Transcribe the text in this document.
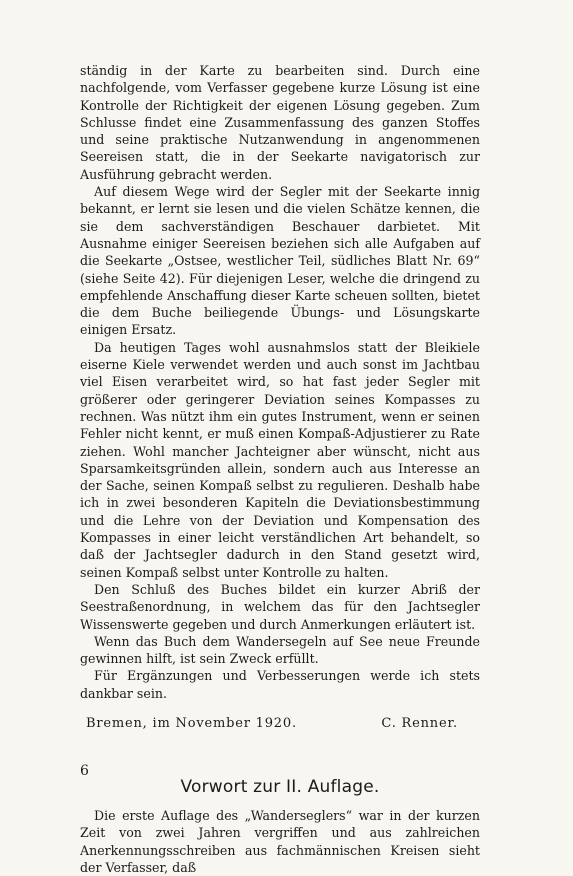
ständig in der Karte zu bearbeiten sind. Durch eine nachfolgende, vom Verfasser gegebene kurze Lösung ist eine Kontrolle der Richtigkeit der eigenen Lösung gegeben. Zum Schlusse findet eine Zusammenfassung des ganzen Stoffes und seine praktische Nutzanwendung in angenommenen Seereisen statt, die in der Seekarte navigatorisch zur Ausführung gebracht werden.

Auf diesem Wege wird der Segler mit der Seekarte innig bekannt, er lernt sie lesen und die vielen Schätze kennen, die sie dem sachverständigen Beschauer darbietet. Mit Ausnahme einiger Seereisen beziehen sich alle Aufgaben auf die Seekarte „Ostsee, westlicher Teil, südliches Blatt Nr. 69“ (siehe Seite 42). Für diejenigen Leser, welche die dringend zu empfehlende Anschaffung dieser Karte scheuen sollten, bietet die dem Buche beiliegende Übungs- und Lösungskarte einigen Ersatz.

Da heutigen Tages wohl ausnahmslos statt der Bleikiele eiserne Kiele verwendet werden und auch sonst im Jachtbau viel Eisen verarbeitet wird, so hat fast jeder Segler mit größerer oder geringerer Deviation seines Kompasses zu rechnen. Was nützt ihm ein gutes Instrument, wenn er seinen Fehler nicht kennt, er muß einen Kompaß-Adjustierer zu Rate ziehen. Wohl mancher Jachteigner aber wünscht, nicht aus Sparsamkeitsgründen allein, sondern auch aus Interesse an der Sache, seinen Kompaß selbst zu regulieren. Deshalb habe ich in zwei besonderen Kapiteln die Deviationsbestimmung und die Lehre von der Deviation und Kompensation des Kompasses in einer leicht verständlichen Art behandelt, so daß der Jachtsegler dadurch in den Stand gesetzt wird, seinen Kompaß selbst unter Kontrolle zu halten.

Den Schluß des Buches bildet ein kurzer Abriß der Seestraßenordnung, in welchem das für den Jachtsegler Wissenswerte gegeben und durch Anmerkungen erläutert ist.

Wenn das Buch dem Wandersegeln auf See neue Freunde gewinnen hilft, ist sein Zweck erfüllt.

Für Ergänzungen und Verbesserungen werde ich stets dankbar sein.

Bremen, im November 1920.	C. Renner.
Vorwort zur II. Auflage.

Die erste Auflage des „Wanderseglers“ war in der kurzen Zeit von zwei Jahren vergriffen und aus zahlreichen Anerkennungsschreiben aus fachmännischen Kreisen sieht der Verfasser, daß

6
